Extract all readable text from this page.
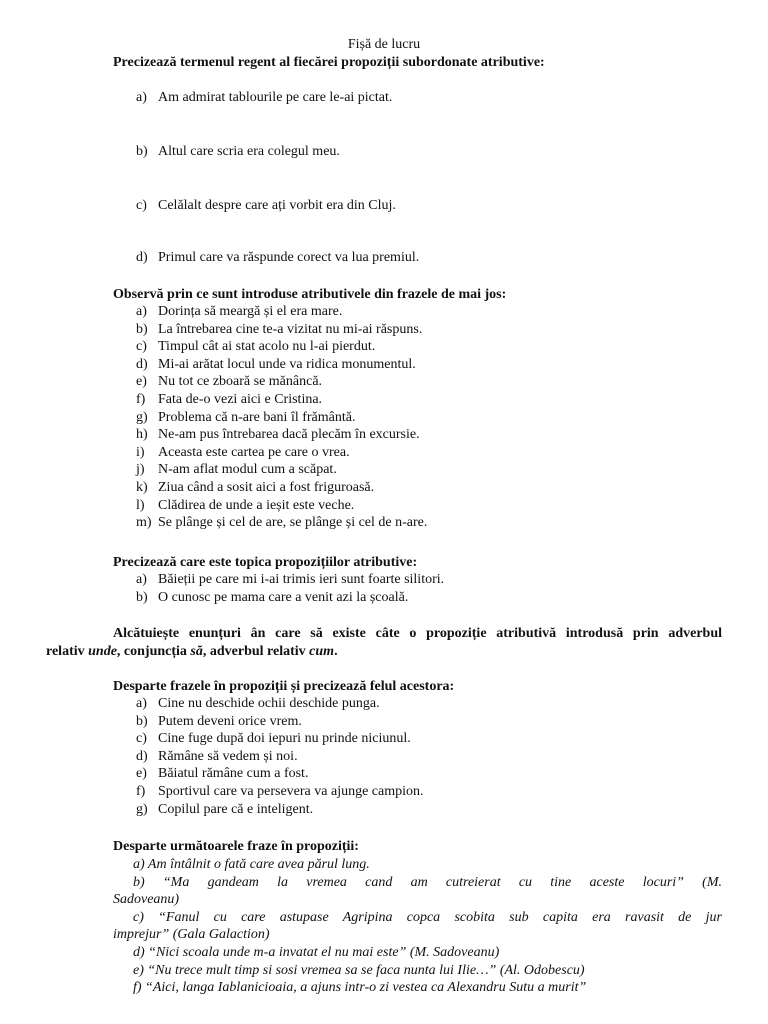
Fișă de lucru
Precizează termenul regent al fiecărei propoziții subordonate atributive:
a) Am admirat tablourile pe care le-ai pictat.
b) Altul care scria era colegul meu.
c) Celălalt despre care ați vorbit era din Cluj.
d) Primul care va răspunde corect va lua premiul.
Observă prin ce sunt introduse atributivele din frazele de mai jos:
a) Dorința să meargă și el era mare.
b) La întrebarea cine te-a vizitat nu mi-ai răspuns.
c) Timpul cât ai stat acolo nu l-ai pierdut.
d) Mi-ai arătat locul unde va ridica monumentul.
e) Nu tot ce zboară se mănâncă.
f) Fata de-o vezi aici e Cristina.
g) Problema că n-are bani îl frământă.
h) Ne-am pus întrebarea dacă plecăm în excursie.
i) Aceasta este cartea pe care o vrea.
j) N-am aflat modul cum a scăpat.
k) Ziua când a sosit aici a fost friguroasă.
l) Clădirea de unde a ieșit este veche.
m) Se plânge și cel de are, se plânge și cel de n-are.
Precizează care este topica propozițiilor atributive:
a) Băieții pe care mi i-ai trimis ieri sunt foarte silitori.
b) O cunosc pe mama care a venit azi la școală.
Alcătuiește enunțuri ân care să existe câte o propoziție atributivă introdusă prin adverbul
relativ unde, conjuncția să, adverbul relativ cum.
Desparte frazele în propoziții și precizează felul acestora:
a) Cine nu deschide ochii deschide punga.
b) Putem deveni orice vrem.
c) Cine fuge după doi iepuri nu prinde niciunul.
d) Rămâne să vedem și noi.
e) Băiatul rămâne cum a fost.
f) Sportivul care va persevera va ajunge campion.
g) Copilul pare că e inteligent.
Desparte următoarele fraze în propoziții:
a) Am întâlnit o fată care avea părul lung.
b) “Ma gandeam la vremea cand am cutreierat cu tine aceste locuri” (M.
Sadoveanu)
c) “Fanul cu care astupase Agripina copca scobita sub capita era ravasit de jur
imprejur” (Gala Galaction)
d) “Nici scoala unde m-a invatat el nu mai este” (M. Sadoveanu)
e) “Nu trece mult timp si sosi vremea sa se faca nunta lui Ilie…” (Al. Odobescu)
f) “Aici, langa Iablanicioaia, a ajuns intr-o zi vestea ca Alexandru Sutu a murit”
